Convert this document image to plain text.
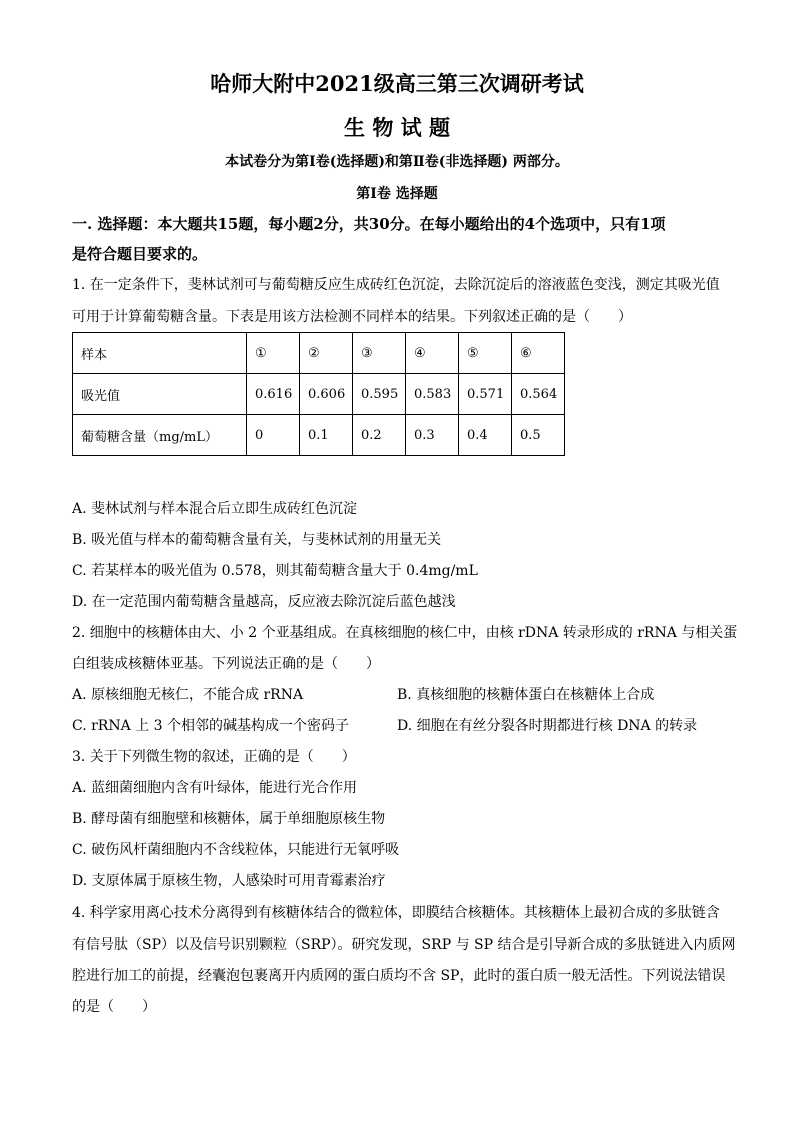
哈师大附中2021级高三第三次调研考试
生 物 试 题
本试卷分为第Ⅰ卷(选择题)和第Ⅱ卷(非选择题) 两部分。
第Ⅰ卷 选择题
一. 选择题：本大题共15题，每小题2分，共30分。在每小题给出的4个选项中，只有1项
是符合题目要求的。
1. 在一定条件下，斐林试剂可与葡萄糖反应生成砖红色沉淀，去除沉淀后的溶液蓝色变浅，测定其吸光值
可用于计算葡萄糖含量。下表是用该方法检测不同样本的结果。下列叙述正确的是（　　）
样本	①	②	③	④	⑤	⑥
吸光值	0.616	0.606	0.595	0.583	0.571	0.564
葡萄糖含量（mg/mL）	0	0.1	0.2	0.3	0.4	0.5
A. 斐林试剂与样本混合后立即生成砖红色沉淀
B. 吸光值与样本的葡萄糖含量有关，与斐林试剂的用量无关
C. 若某样本的吸光值为 0.578，则其葡萄糖含量大于 0.4mg/mL
D. 在一定范围内葡萄糖含量越高，反应液去除沉淀后蓝色越浅
2. 细胞中的核糖体由大、小 2 个亚基组成。在真核细胞的核仁中，由核 rDNA 转录形成的 rRNA 与相关蛋
白组装成核糖体亚基。下列说法正确的是（　　）
A. 原核细胞无核仁，不能合成 rRNA	B. 真核细胞的核糖体蛋白在核糖体上合成
C. rRNA 上 3 个相邻的碱基构成一个密码子	D. 细胞在有丝分裂各时期都进行核 DNA 的转录
3. 关于下列微生物的叙述，正确的是（　　）
A. 蓝细菌细胞内含有叶绿体，能进行光合作用
B. 酵母菌有细胞壁和核糖体，属于单细胞原核生物
C. 破伤风杆菌细胞内不含线粒体，只能进行无氧呼吸
D. 支原体属于原核生物，人感染时可用青霉素治疗
4. 科学家用离心技术分离得到有核糖体结合的微粒体，即膜结合核糖体。其核糖体上最初合成的多肽链含
有信号肽（SP）以及信号识别颗粒（SRP）。研究发现，SRP 与 SP 结合是引导新合成的多肽链进入内质网
腔进行加工的前提，经囊泡包裹离开内质网的蛋白质均不含 SP，此时的蛋白质一般无活性。下列说法错误
的是（　　）
